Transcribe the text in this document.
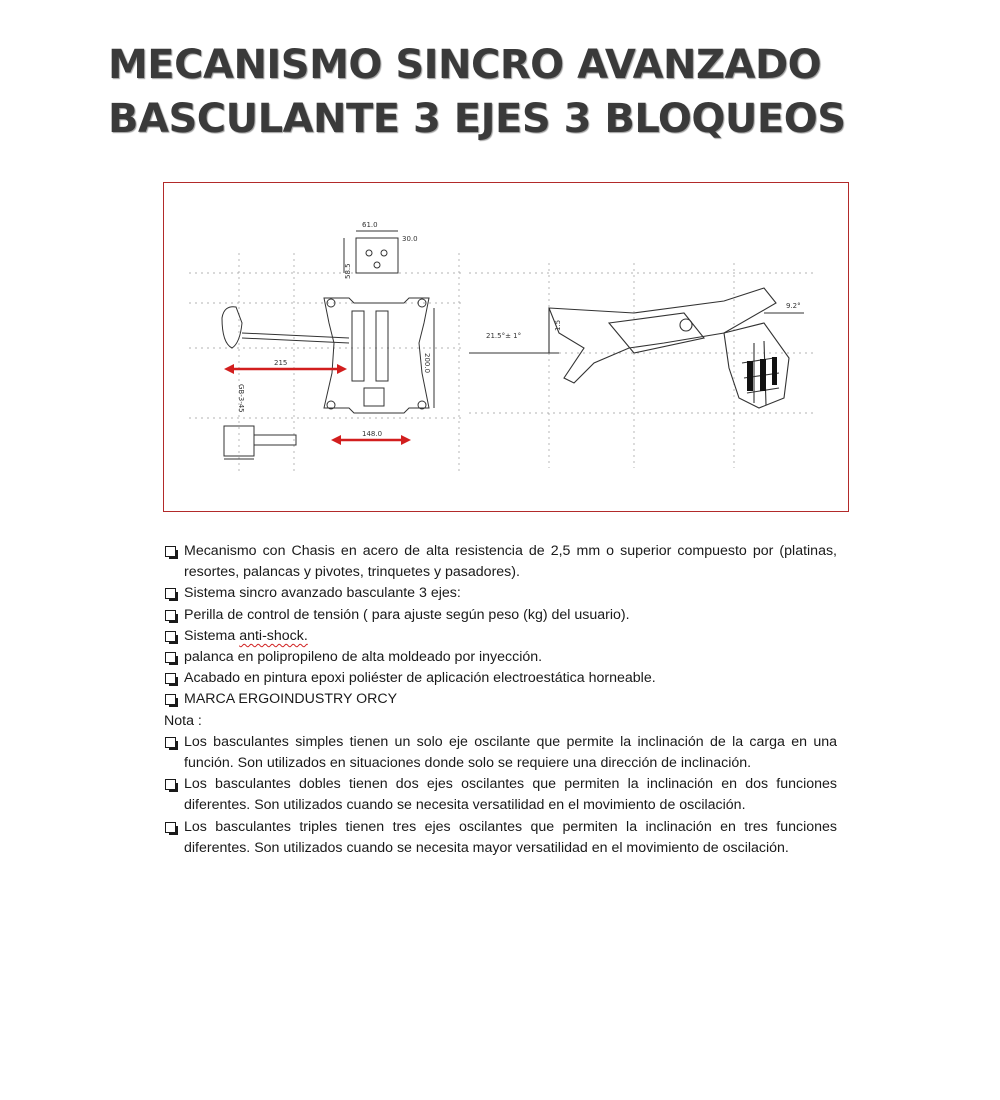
MECANISMO SINCRO AVANZADO
BASCULANTE 3 EJES 3 BLOQUEOS
61.0
30.0
58.5
215	200.0
148.0
GB-3-45
9.2°
21.5°± 1°
1.5
Mecanismo con Chasis en acero de alta resistencia de 2,5 mm o superior compuesto por (platinas, resortes, palancas y pivotes, trinquetes y pasadores).
Sistema sincro avanzado basculante 3 ejes:
Perilla de control de tensión ( para ajuste según peso (kg) del usuario).
Sistema anti-shock.
palanca en polipropileno de alta moldeado por inyección.
Acabado en pintura epoxi poliéster de aplicación electroestática horneable.
MARCA ERGOINDUSTRY ORCY
Nota :
Los basculantes simples tienen un solo eje oscilante que permite la inclinación de la carga en una función. Son utilizados en situaciones donde solo se requiere una dirección de inclinación.
Los basculantes dobles tienen dos ejes oscilantes que permiten la inclinación en dos funciones diferentes. Son utilizados cuando se necesita versatilidad en el movimiento de oscilación.
Los basculantes triples tienen tres ejes oscilantes que permiten la inclinación en tres funciones diferentes. Son utilizados cuando se necesita mayor versatilidad en el movimiento de oscilación.
